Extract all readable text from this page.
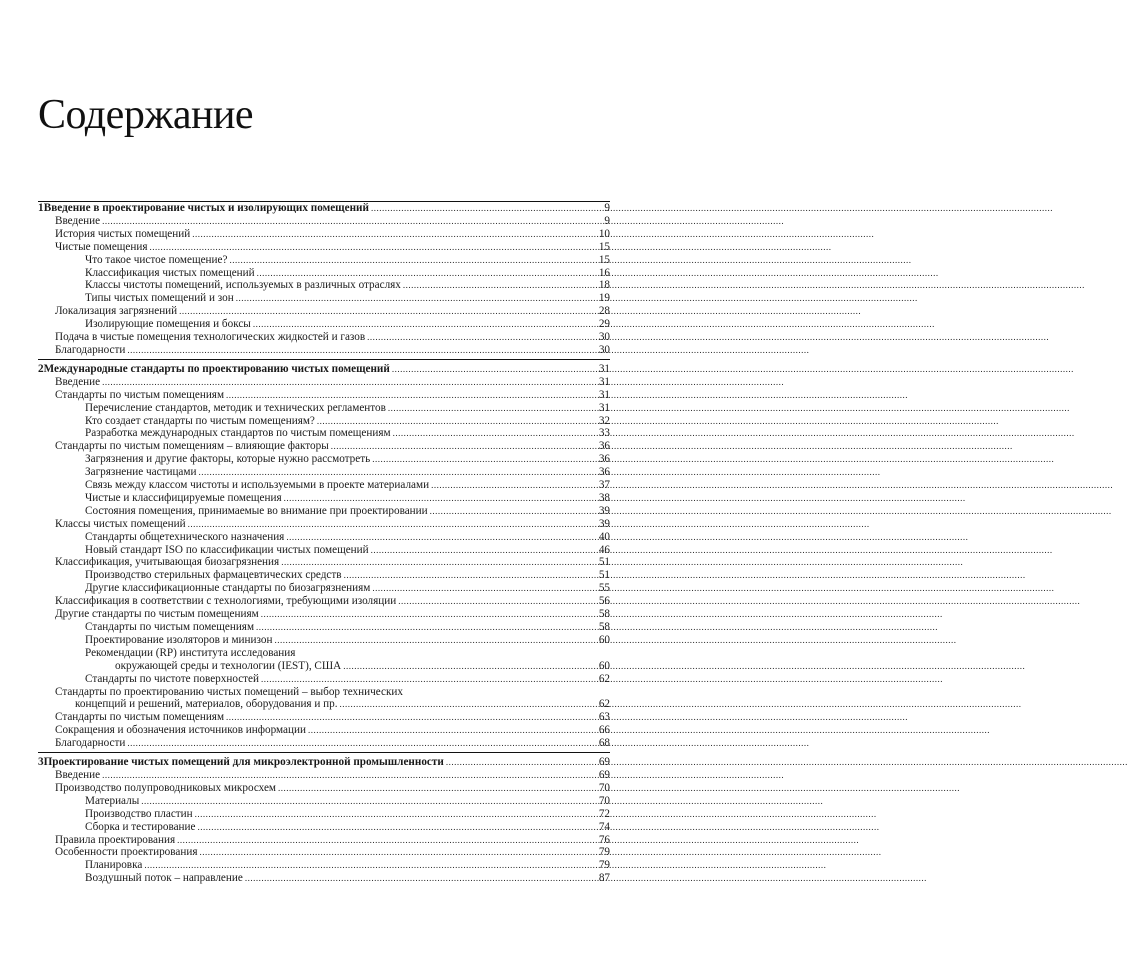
Содержание
1 Введение в проектирование чистых и изолирующих помещений .....	9
Введение .....	9
История чистых помещений .....	10
Чистые помещения .....	15
Что такое чистое помещение? .....	15
Классификация чистых помещений .....	16
Классы чистоты помещений, используемых в различных отраслях .....	18
Типы чистых помещений и зон .....	19
Локализация загрязнений .....	28
Изолирующие помещения и боксы .....	29
Подача в чистые помещения технологических жидкостей и газов .....	30
Благодарности .....	30
2 Международные стандарты по проектированию чистых помещений .....	31
Введение .....	31
Стандарты по чистым помещениям .....	31
Перечисление стандартов, методик и технических регламентов .....	31
Кто создает стандарты по чистым помещениям? .....	32
Разработка международных стандартов по чистым помещениям .....	33
Стандарты по чистым помещениям – влияющие факторы .....	36
Загрязнения и другие факторы, которые нужно рассмотреть .....	36
Загрязнение частицами .....	36
Связь между классом чистоты и используемыми в проекте материалами .....	37
Чистые и классифицируемые помещения .....	38
Состояния помещения, принимаемые во внимание при проектировании .....	39
Классы чистых помещений .....	39
Стандарты общетехнического назначения .....	40
Новый стандарт ISO по классификации чистых помещений .....	46
Классификация, учитывающая биозагрязнения .....	51
Производство стерильных фармацевтических средств .....	51
Другие классификационные стандарты по биозагрязнениям .....	55
Классификация в соответствии с технологиями, требующими изоляции .....	56
Другие стандарты по чистым помещениям .....	58
Стандарты по чистым помещениям .....	58
Проектирование изоляторов и минизон .....	60
Рекомендации (RP) института исследования
окружающей среды и технологии (IEST), США .....	60
Стандарты по чистоте поверхностей .....	62
Стандарты по проектированию чистых помещений – выбор технических
концепций и решений, материалов, оборудования и пр. .....	62
Стандарты по чистым помещениям .....	63
Сокращения и обозначения источников информации .....	66
Благодарности .....	68
3 Проектирование чистых помещений для микроэлектронной промышленности .....	69
Введение .....	69
Производство полупроводниковых микросхем .....	70
Материалы .....	70
Производство пластин .....	72
Сборка и тестирование .....	74
Правила проектирования .....	76
Особенности проектирования .....	79
Планировка .....	79
Воздушный поток – направление .....	87
